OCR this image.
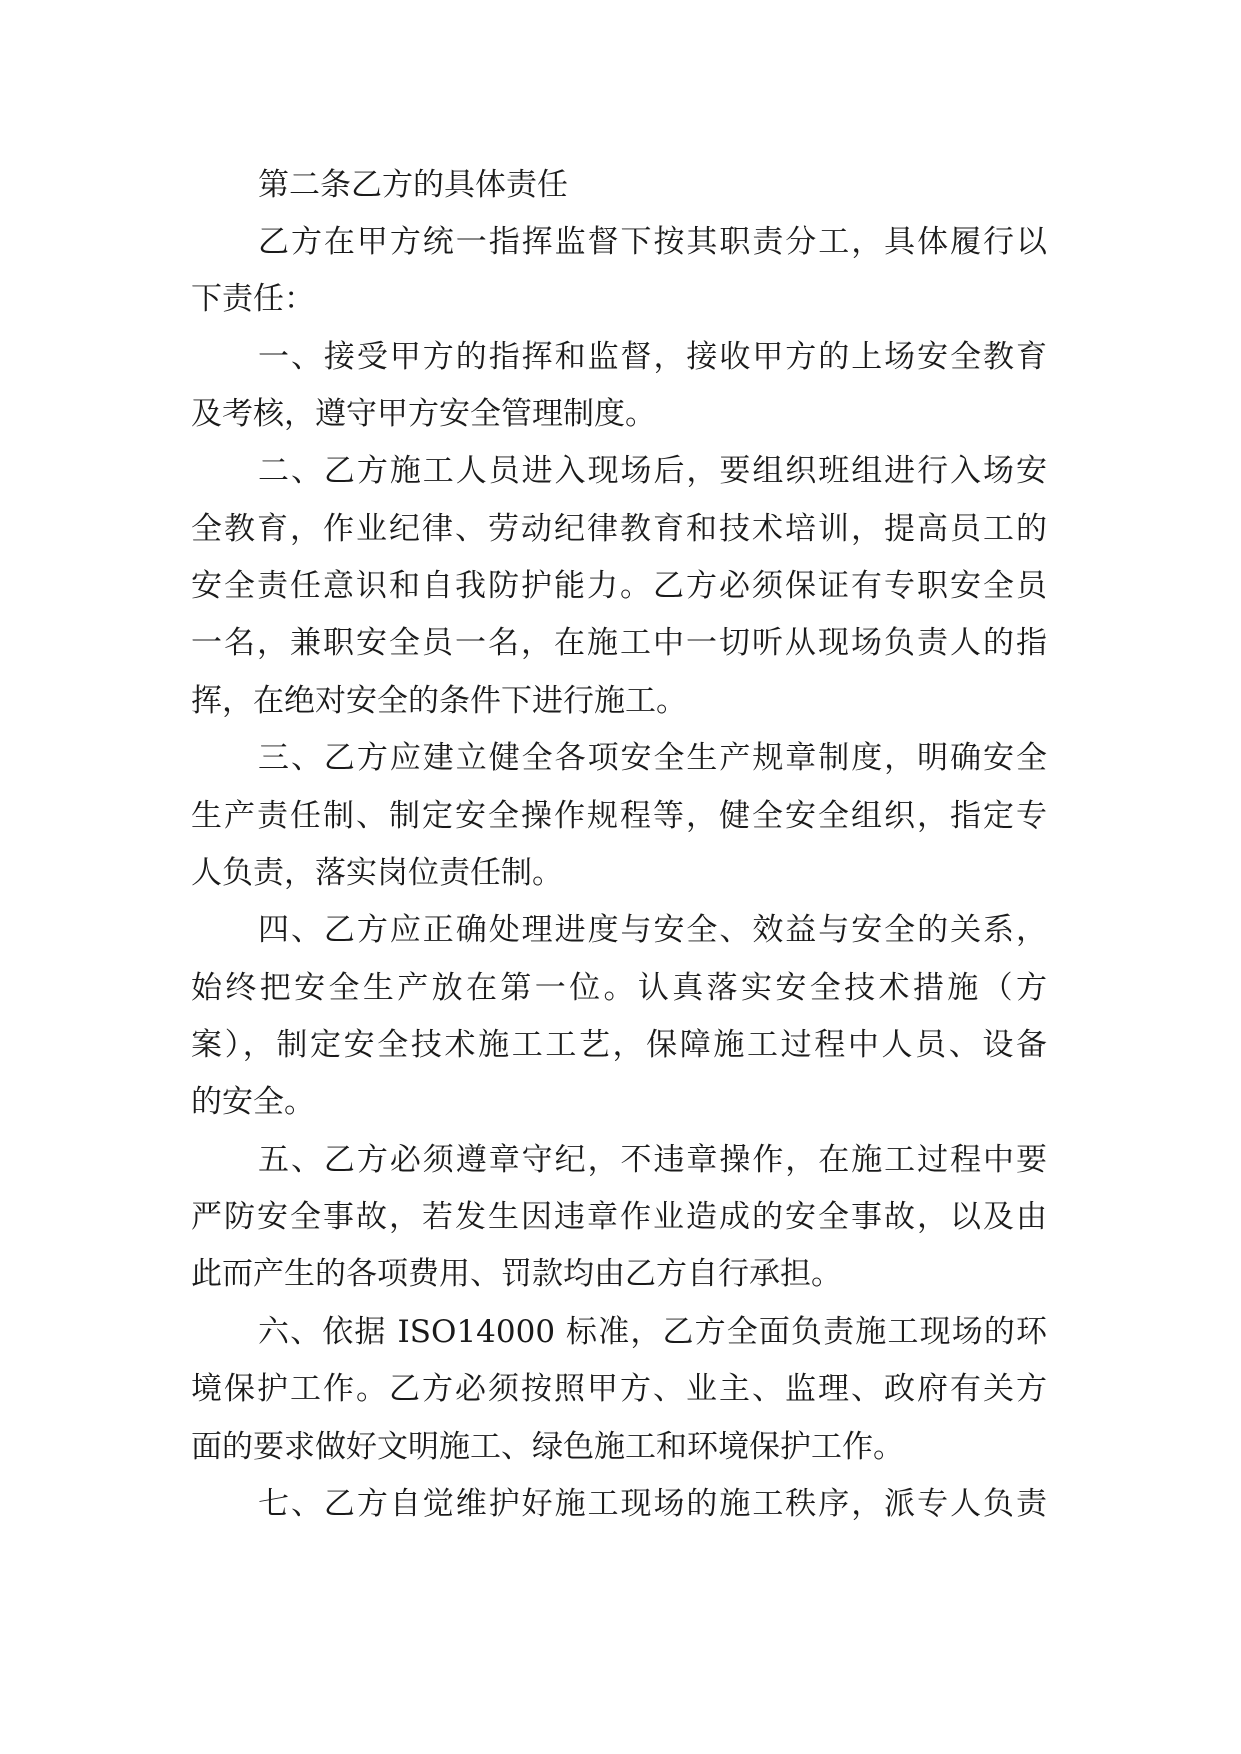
第二条乙方的具体责任
乙方在甲方统一指挥监督下按其职责分工，具体履行以
下责任：
一、接受甲方的指挥和监督，接收甲方的上场安全教育
及考核，遵守甲方安全管理制度。
二、乙方施工人员进入现场后，要组织班组进行入场安
全教育，作业纪律、劳动纪律教育和技术培训，提高员工的
安全责任意识和自我防护能力。乙方必须保证有专职安全员
一名，兼职安全员一名，在施工中一切听从现场负责人的指
挥，在绝对安全的条件下进行施工。
三、乙方应建立健全各项安全生产规章制度，明确安全
生产责任制、制定安全操作规程等，健全安全组织，指定专
人负责，落实岗位责任制。
四、乙方应正确处理进度与安全、效益与安全的关系，
始终把安全生产放在第一位。认真落实安全技术措施（方
案），制定安全技术施工工艺，保障施工过程中人员、设备
的安全。
五、乙方必须遵章守纪，不违章操作，在施工过程中要
严防安全事故，若发生因违章作业造成的安全事故，以及由
此而产生的各项费用、罚款均由乙方自行承担。
六、依据 ISO14000 标准，乙方全面负责施工现场的环
境保护工作。乙方必须按照甲方、业主、监理、政府有关方
面的要求做好文明施工、绿色施工和环境保护工作。
七、乙方自觉维护好施工现场的施工秩序，派专人负责
